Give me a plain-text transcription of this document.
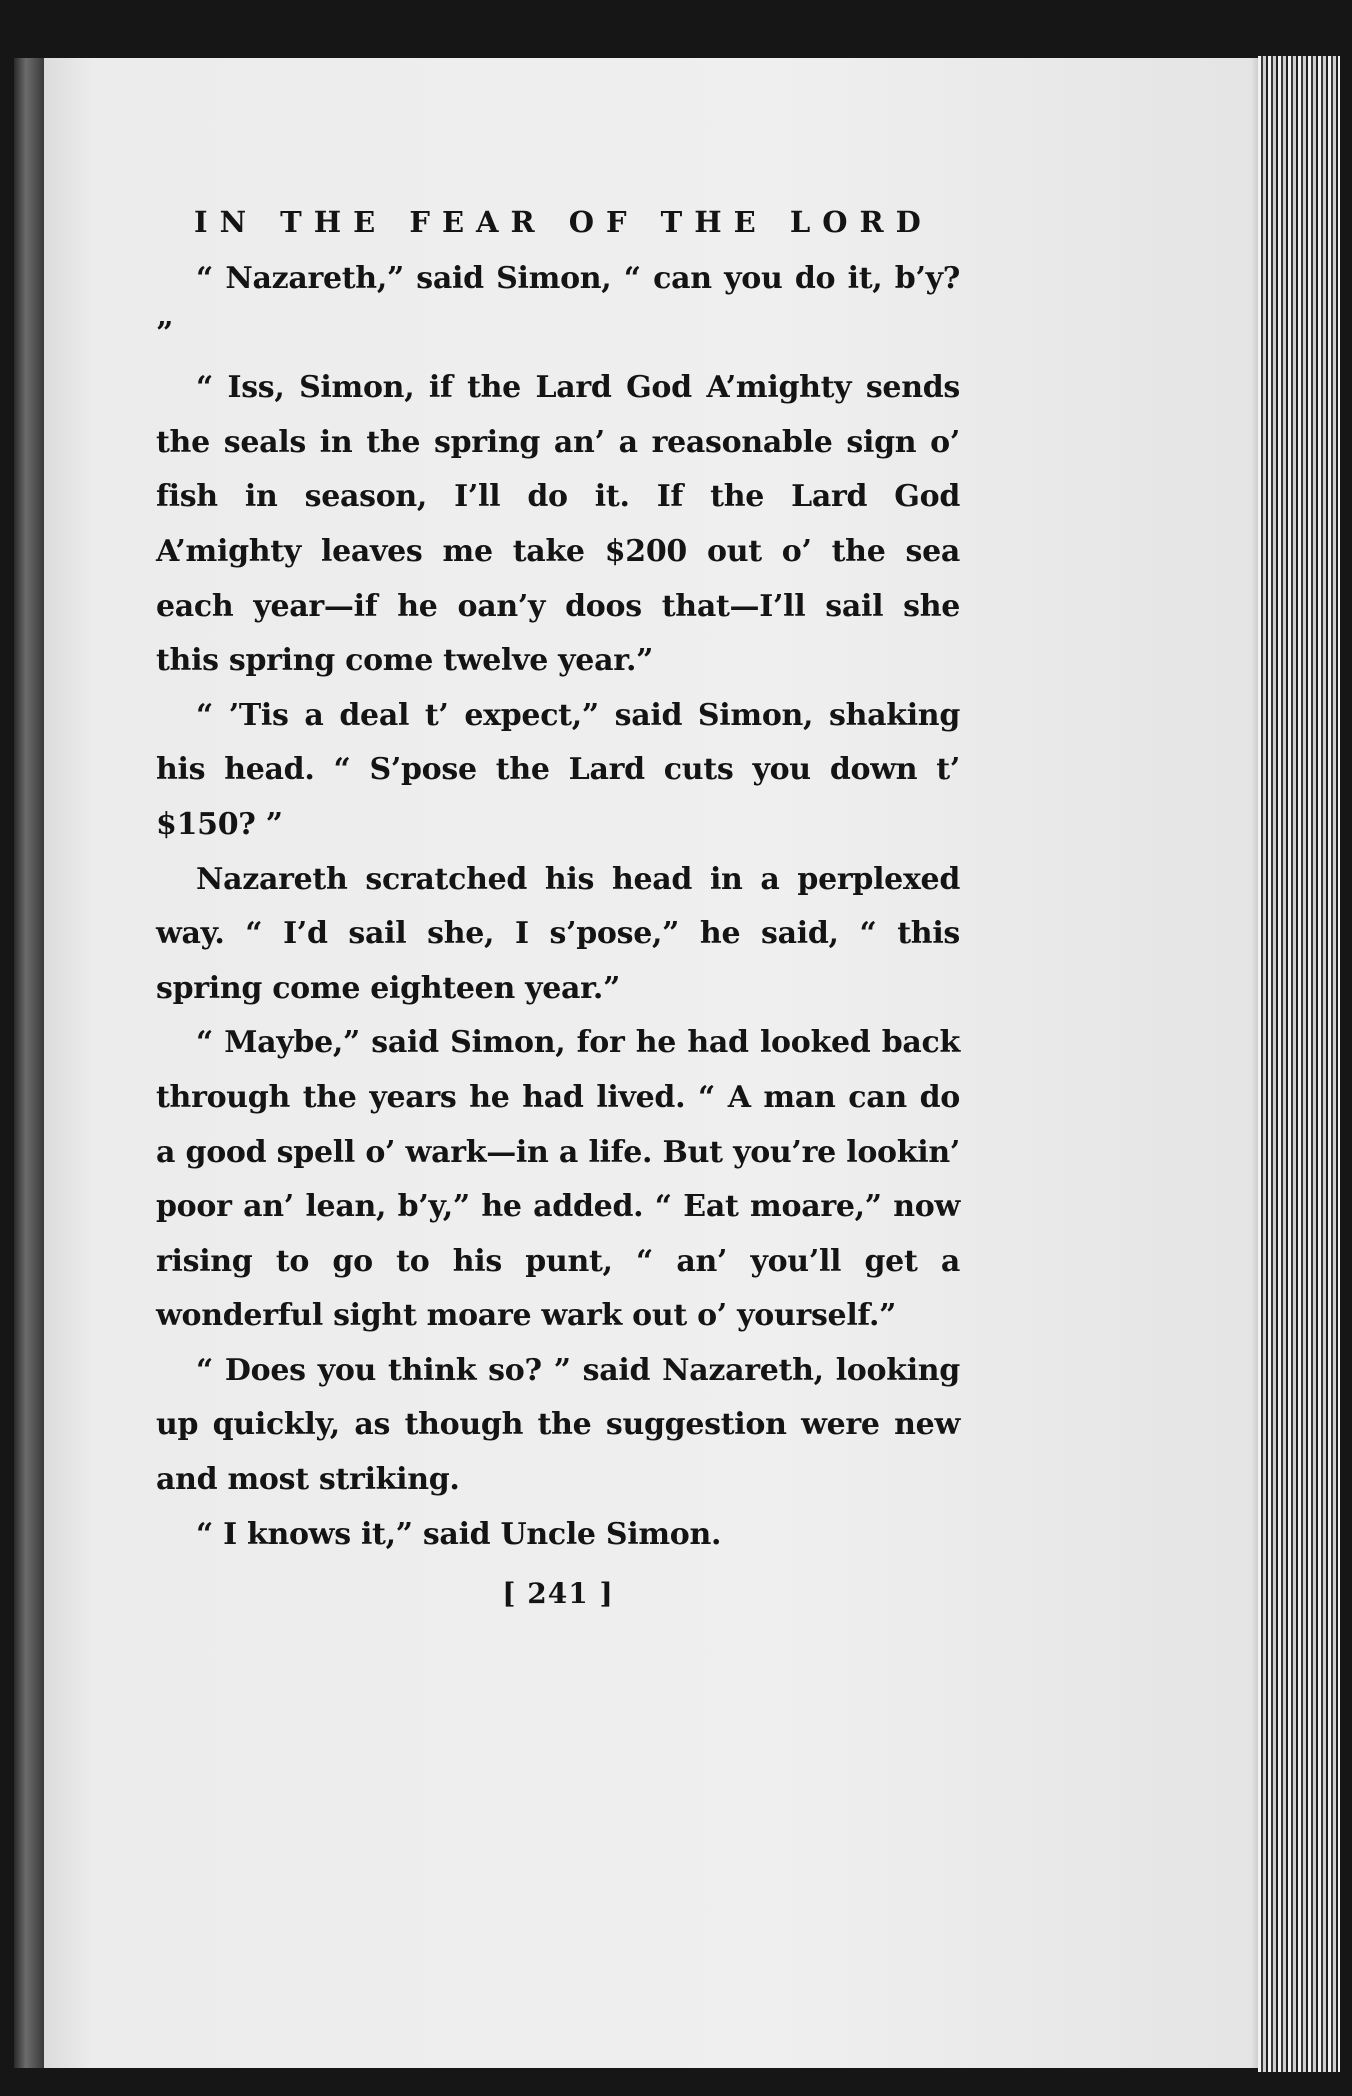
IN THE FEAR OF THE LORD

“ Nazareth,” said Simon, “ can you do it, b’y? ”

“ Iss, Simon, if the Lard God A’mighty sends the seals in the spring an’ a reasonable sign o’ fish in season, I’ll do it. If the Lard God A’mighty leaves me take $200 out o’ the sea each year—if he oan’y doos that—I’ll sail she this spring come twelve year.”

“ ’Tis a deal t’ expect,” said Simon, shaking his head. “ S’pose the Lard cuts you down t’ $150? ”

Nazareth scratched his head in a perplexed way. “ I’d sail she, I s’pose,” he said, “ this spring come eighteen year.”

“ Maybe,” said Simon, for he had looked back through the years he had lived. “ A man can do a good spell o’ wark—in a life. But you’re lookin’ poor an’ lean, b’y,” he added. “ Eat moare,” now rising to go to his punt, “ an’ you’ll get a wonderful sight moare wark out o’ yourself.”

“ Does you think so? ” said Nazareth, looking up quickly, as though the suggestion were new and most striking.

“ I knows it,” said Uncle Simon.

[ 241 ]
